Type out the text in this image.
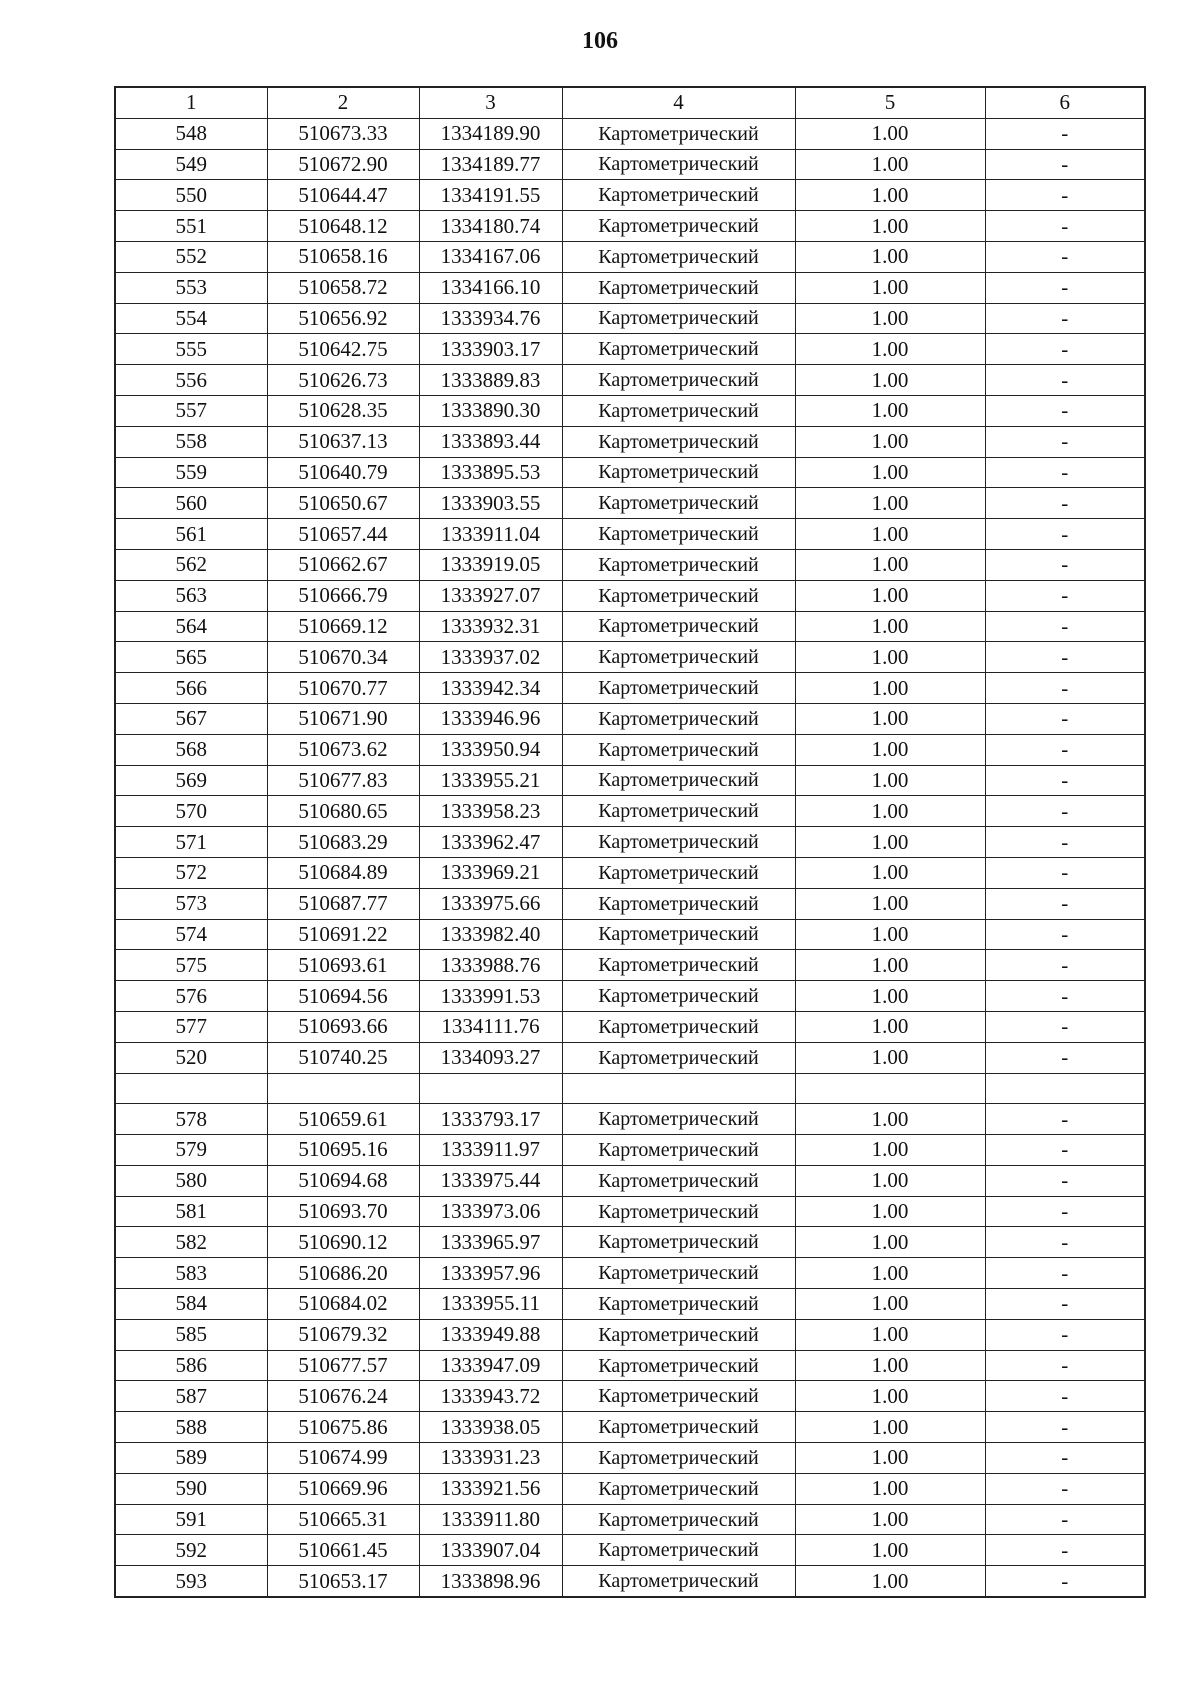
106
1	2	3	4	5	6
548	510673.33	1334189.90	Картометрический	1.00	-
549	510672.90	1334189.77	Картометрический	1.00	-
550	510644.47	1334191.55	Картометрический	1.00	-
551	510648.12	1334180.74	Картометрический	1.00	-
552	510658.16	1334167.06	Картометрический	1.00	-
553	510658.72	1334166.10	Картометрический	1.00	-
554	510656.92	1333934.76	Картометрический	1.00	-
555	510642.75	1333903.17	Картометрический	1.00	-
556	510626.73	1333889.83	Картометрический	1.00	-
557	510628.35	1333890.30	Картометрический	1.00	-
558	510637.13	1333893.44	Картометрический	1.00	-
559	510640.79	1333895.53	Картометрический	1.00	-
560	510650.67	1333903.55	Картометрический	1.00	-
561	510657.44	1333911.04	Картометрический	1.00	-
562	510662.67	1333919.05	Картометрический	1.00	-
563	510666.79	1333927.07	Картометрический	1.00	-
564	510669.12	1333932.31	Картометрический	1.00	-
565	510670.34	1333937.02	Картометрический	1.00	-
566	510670.77	1333942.34	Картометрический	1.00	-
567	510671.90	1333946.96	Картометрический	1.00	-
568	510673.62	1333950.94	Картометрический	1.00	-
569	510677.83	1333955.21	Картометрический	1.00	-
570	510680.65	1333958.23	Картометрический	1.00	-
571	510683.29	1333962.47	Картометрический	1.00	-
572	510684.89	1333969.21	Картометрический	1.00	-
573	510687.77	1333975.66	Картометрический	1.00	-
574	510691.22	1333982.40	Картометрический	1.00	-
575	510693.61	1333988.76	Картометрический	1.00	-
576	510694.56	1333991.53	Картометрический	1.00	-
577	510693.66	1334111.76	Картометрический	1.00	-
520	510740.25	1334093.27	Картометрический	1.00	-

578	510659.61	1333793.17	Картометрический	1.00	-
579	510695.16	1333911.97	Картометрический	1.00	-
580	510694.68	1333975.44	Картометрический	1.00	-
581	510693.70	1333973.06	Картометрический	1.00	-
582	510690.12	1333965.97	Картометрический	1.00	-
583	510686.20	1333957.96	Картометрический	1.00	-
584	510684.02	1333955.11	Картометрический	1.00	-
585	510679.32	1333949.88	Картометрический	1.00	-
586	510677.57	1333947.09	Картометрический	1.00	-
587	510676.24	1333943.72	Картометрический	1.00	-
588	510675.86	1333938.05	Картометрический	1.00	-
589	510674.99	1333931.23	Картометрический	1.00	-
590	510669.96	1333921.56	Картометрический	1.00	-
591	510665.31	1333911.80	Картометрический	1.00	-
592	510661.45	1333907.04	Картометрический	1.00	-
593	510653.17	1333898.96	Картометрический	1.00	-
